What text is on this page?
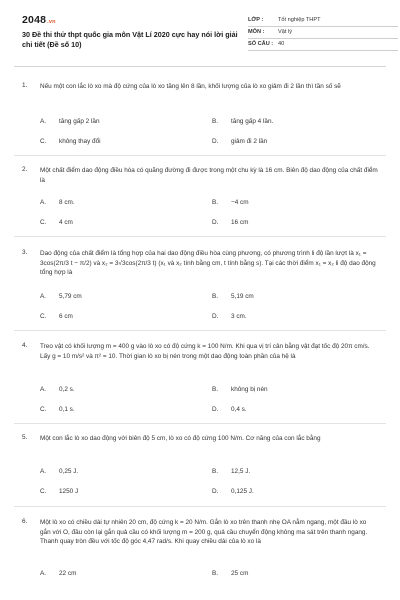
2048.vn
30 Đề thi thử thpt quốc gia môn Vật Lí 2020 cực hay nói lời giải chi tiết (Đề số 10)
LỚP :	Tốt nghiệp THPT
MÔN : Vật lý
SỐ CÂU : 40
1. Nếu một con lắc lò xo mà độ cứng của lò xo tăng lên 8 lần, khối lượng của lò xo giảm đi 2 lần thì tần số sẽ
A. tăng gấp 2 lần	B. tăng gấp 4 lần.
C. không thay đổi	D. giảm đi 2 lần
2. Một chất điểm dao động điều hòa có quãng đường đi được trong một chu kỳ là 16 cm. Biên độ dao động của chất điểm là
A. 8 cm.	B. −4 cm
C. 4 cm	D. 16 cm
3. Dao động của chất điểm là tổng hợp của hai dao động điều hòa cùng phương, có phương trình li độ lần lượt là x₁ = 3cos(2π/3 t − π/2) và x₂ = 3√3cos(2π/3 t) (x₁ và x₂ tính bằng cm, t tính bằng s). Tại các thời điểm x₁ = x₂ li độ dao động tổng hợp là
A. 5,79 cm	B. 5,19 cm
C. 6 cm	D. 3 cm.
4. Treo vật có khối lượng m = 400 g vào lò xo có độ cứng k = 100 N/m. Khi qua vị trí cân bằng vật đạt tốc độ 20π cm/s. Lấy g = 10 m/s² và π² = 10. Thời gian lò xo bị nén trong một dao động toàn phần của hệ là
A. 0,2 s.	B. không bị nén
C. 0,1 s.	D. 0,4 s.
5. Một con lắc lò xo dao động với biên độ 5 cm, lò xo có độ cứng 100 N/m. Cơ năng của con lắc bằng
A. 0,25 J.	B. 12,5 J.
C. 1250 J	D. 0,125 J.
6. Một lò xo có chiều dài tự nhiên 20 cm, độ cứng k = 20 N/m. Gắn lò xo trên thanh nhẹ OA nằm ngang, một đầu lò xo gắn với O, đầu còn lại gắn quả cầu có khối lượng m = 200 g, quả cầu chuyển động không ma sát trên thanh ngang. Thanh quay tròn đều với tốc độ góc 4,47 rad/s. Khi quay chiều dài của lò xo là
A. 22 cm	B. 25 cm
